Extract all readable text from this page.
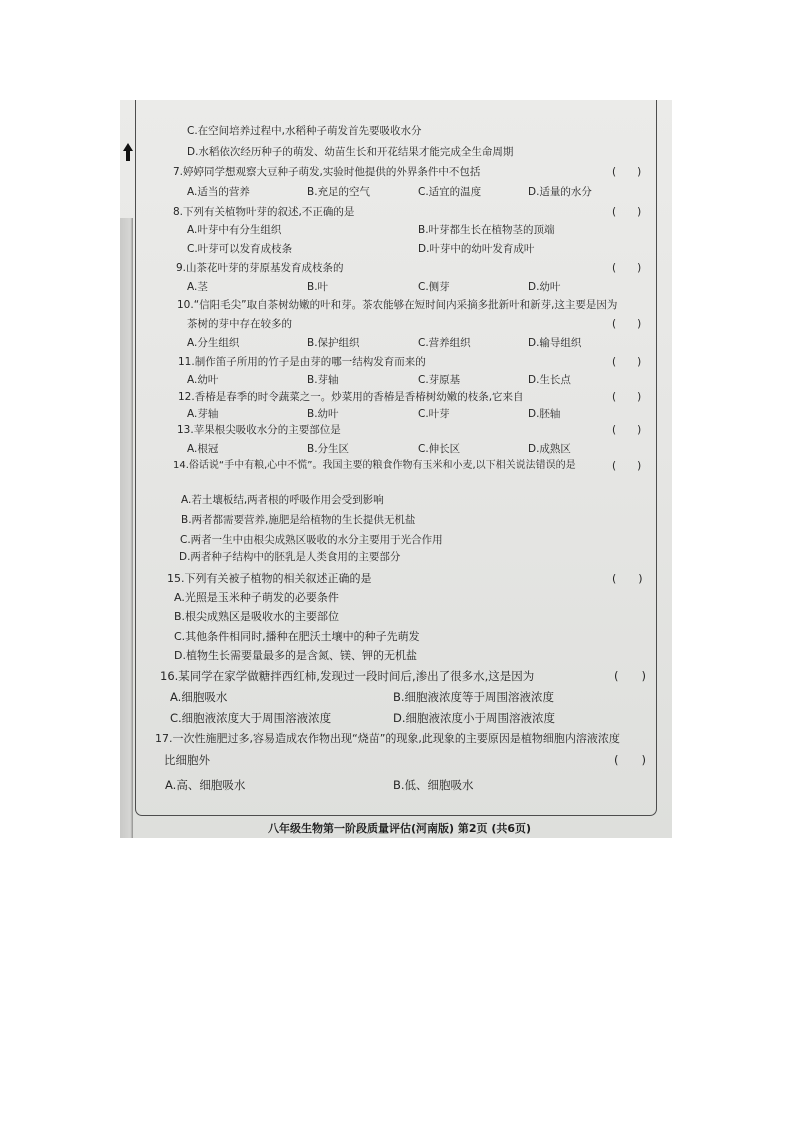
C.在空间培养过程中,水稻种子萌发首先要吸收水分
D.水稻依次经历种子的萌发、幼苗生长和开花结果才能完成全生命周期
7.婷婷同学想观察大豆种子萌发,实验时他提供的外界条件中不包括	(　　)
A.适当的营养	B.充足的空气	C.适宜的温度	D.适量的水分
8.下列有关植物叶芽的叙述,不正确的是	(　　)
A.叶芽中有分生组织	B.叶芽都生长在植物茎的顶端
C.叶芽可以发育成枝条	D.叶芽中的幼叶发育成叶
9.山茶花叶芽的芽原基发育成枝条的	(　　)
A.茎	B.叶	C.侧芽	D.幼叶
10.“信阳毛尖”取自茶树幼嫩的叶和芽。茶农能够在短时间内采摘多批新叶和新芽,这主要是因为
茶树的芽中存在较多的	(　　)
A.分生组织	B.保护组织	C.营养组织	D.输导组织
11.制作笛子所用的竹子是由芽的哪一结构发育而来的	(　　)
A.幼叶	B.芽轴	C.芽原基	D.生长点
12.香椿是春季的时令蔬菜之一。炒菜用的香椿是香椿树幼嫩的枝条,它来自	(　　)
A.芽轴	B.幼叶	C.叶芽	D.胚轴
13.苹果根尖吸收水分的主要部位是	(　　)
A.根冠	B.分生区	C.伸长区	D.成熟区
14.俗话说“手中有粮,心中不慌”。我国主要的粮食作物有玉米和小麦,以下相关说法错误的是	(　　)
A.若土壤板结,两者根的呼吸作用会受到影响
B.两者都需要营养,施肥是给植物的生长提供无机盐
C.两者一生中由根尖成熟区吸收的水分主要用于光合作用
D.两者种子结构中的胚乳是人类食用的主要部分
15.下列有关被子植物的相关叙述正确的是	(　　)
A.光照是玉米种子萌发的必要条件
B.根尖成熟区是吸收水的主要部位
C.其他条件相同时,播种在肥沃土壤中的种子先萌发
D.植物生长需要量最多的是含氮、镁、钾的无机盐
16.某同学在家学做糖拌西红柿,发现过一段时间后,渗出了很多水,这是因为	(　　)
A.细胞吸水	B.细胞液浓度等于周围溶液浓度
C.细胞液浓度大于周围溶液浓度	D.细胞液浓度小于周围溶液浓度
17.一次性施肥过多,容易造成农作物出现“烧苗”的现象,此现象的主要原因是植物细胞内溶液浓度
比细胞外	(　　)
A.高、细胞吸水	B.低、细胞吸水
八年级生物第一阶段质量评估(河南版) 第2页 (共6页)
